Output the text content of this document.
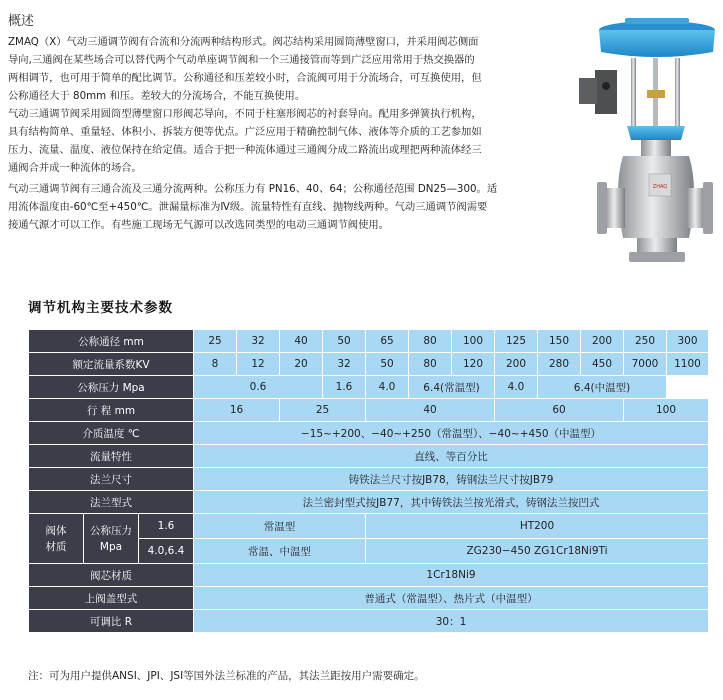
概述
ZMAQ（X）气动三通调节阀有合流和分流两种结构形式。阀芯结构采用圆筒薄壁窗口，并采用阀芯侧面
导向,三通阀在某些场合可以替代两个气动单座调节阀和一个三通接管而等到广泛应用常用于热交换器的
两相调节，也可用于简单的配比调节。公称通径和压差较小时，合流阀可用于分流场合，可互换使用，但
公称通径大于 80mm 和压。差较大的分流场合，不能互换使用。
气动三通调节阀采用圆筒型薄壁窗口形阀芯导向，不同于柱塞形阀芯的衬套导向。配用多弹簧执行机构，
具有结构简单、重量轻、体积小、拆装方便等优点。广泛应用于精确控制气体、液体等介质的工艺参加如
压力、流量、温度、液位保持在给定值。适合于把一种流体通过三通阀分成二路流出或理把两种流体经三
通阀合并成一种流体的场合。
气动三通调节阀有三通合流及三通分流两种。公称压力有 PN16、40、64；公称通径范围 DN25—300。适
用流体温度由-60℃至+450℃。泄漏量标准为Ⅳ级。流量特性有直线、抛物线两种。气动三通调节阀需要
接通气源才可以工作。有些施工现场无气源可以改选同类型的电动三通调节阀使用。
ZHAQ
调节机构主要技术参数
公称通径 mm			25	32	40	50	65	80	100	125	150	200	250	300
额定流量系数KV			8	12	20	32	50	80	120	200	280	450	7000	1100
公称压力 Mpa			0.6			1.6	4.0	6.4(常温型)		4.0	6.4(中温型)			
行 程 mm			16		25		40			60			100	
介质温度 ℃			−15~+200、−40~+250（常温型）、−40~+450（中温型）											
流量特性			直线、等百分比											
法兰尺寸			铸铁法兰尺寸按JB78，铸钢法兰尺寸按JB79											
法兰型式			法兰密封型式按JB77，其中铸铁法兰按光滑式，铸钢法兰按凹式											
阀体
材质	公称压力
Mpa	1.6	常温型				HT200							
		4.0,6.4	常温、中温型				ZG230−450 ZG1Cr18Ni9Ti							
阀芯材质			1Cr18Ni9											
上阀盖型式			普通式（常温型）、热片式（中温型）											
可调比 R			30：1											
注：可为用户提供ANSI、JPI、JSI等国外法兰标准的产品，其法兰距按用户需要确定。
